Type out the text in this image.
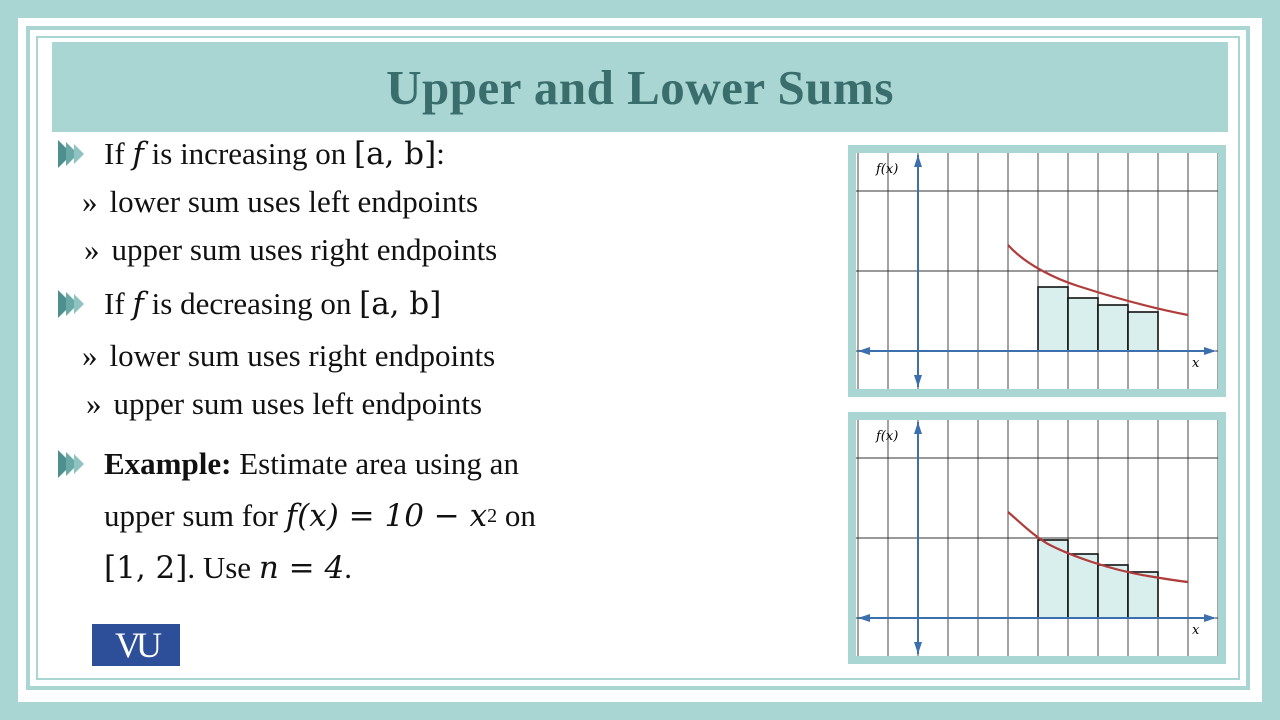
Upper and Lower Sums
If
f is increasing on [a, b] :
» lower sum uses left endpoints
» upper sum uses right endpoints
If
f is decreasing on [a, b]
» lower sum uses right endpoints
» upper sum uses left endpoints
Example: Estimate area using an
upper sum for f(x) = 10 − x 2 on
[1, 2] . Use n = 4 .
f(x)
x
f(x)
x
VU
